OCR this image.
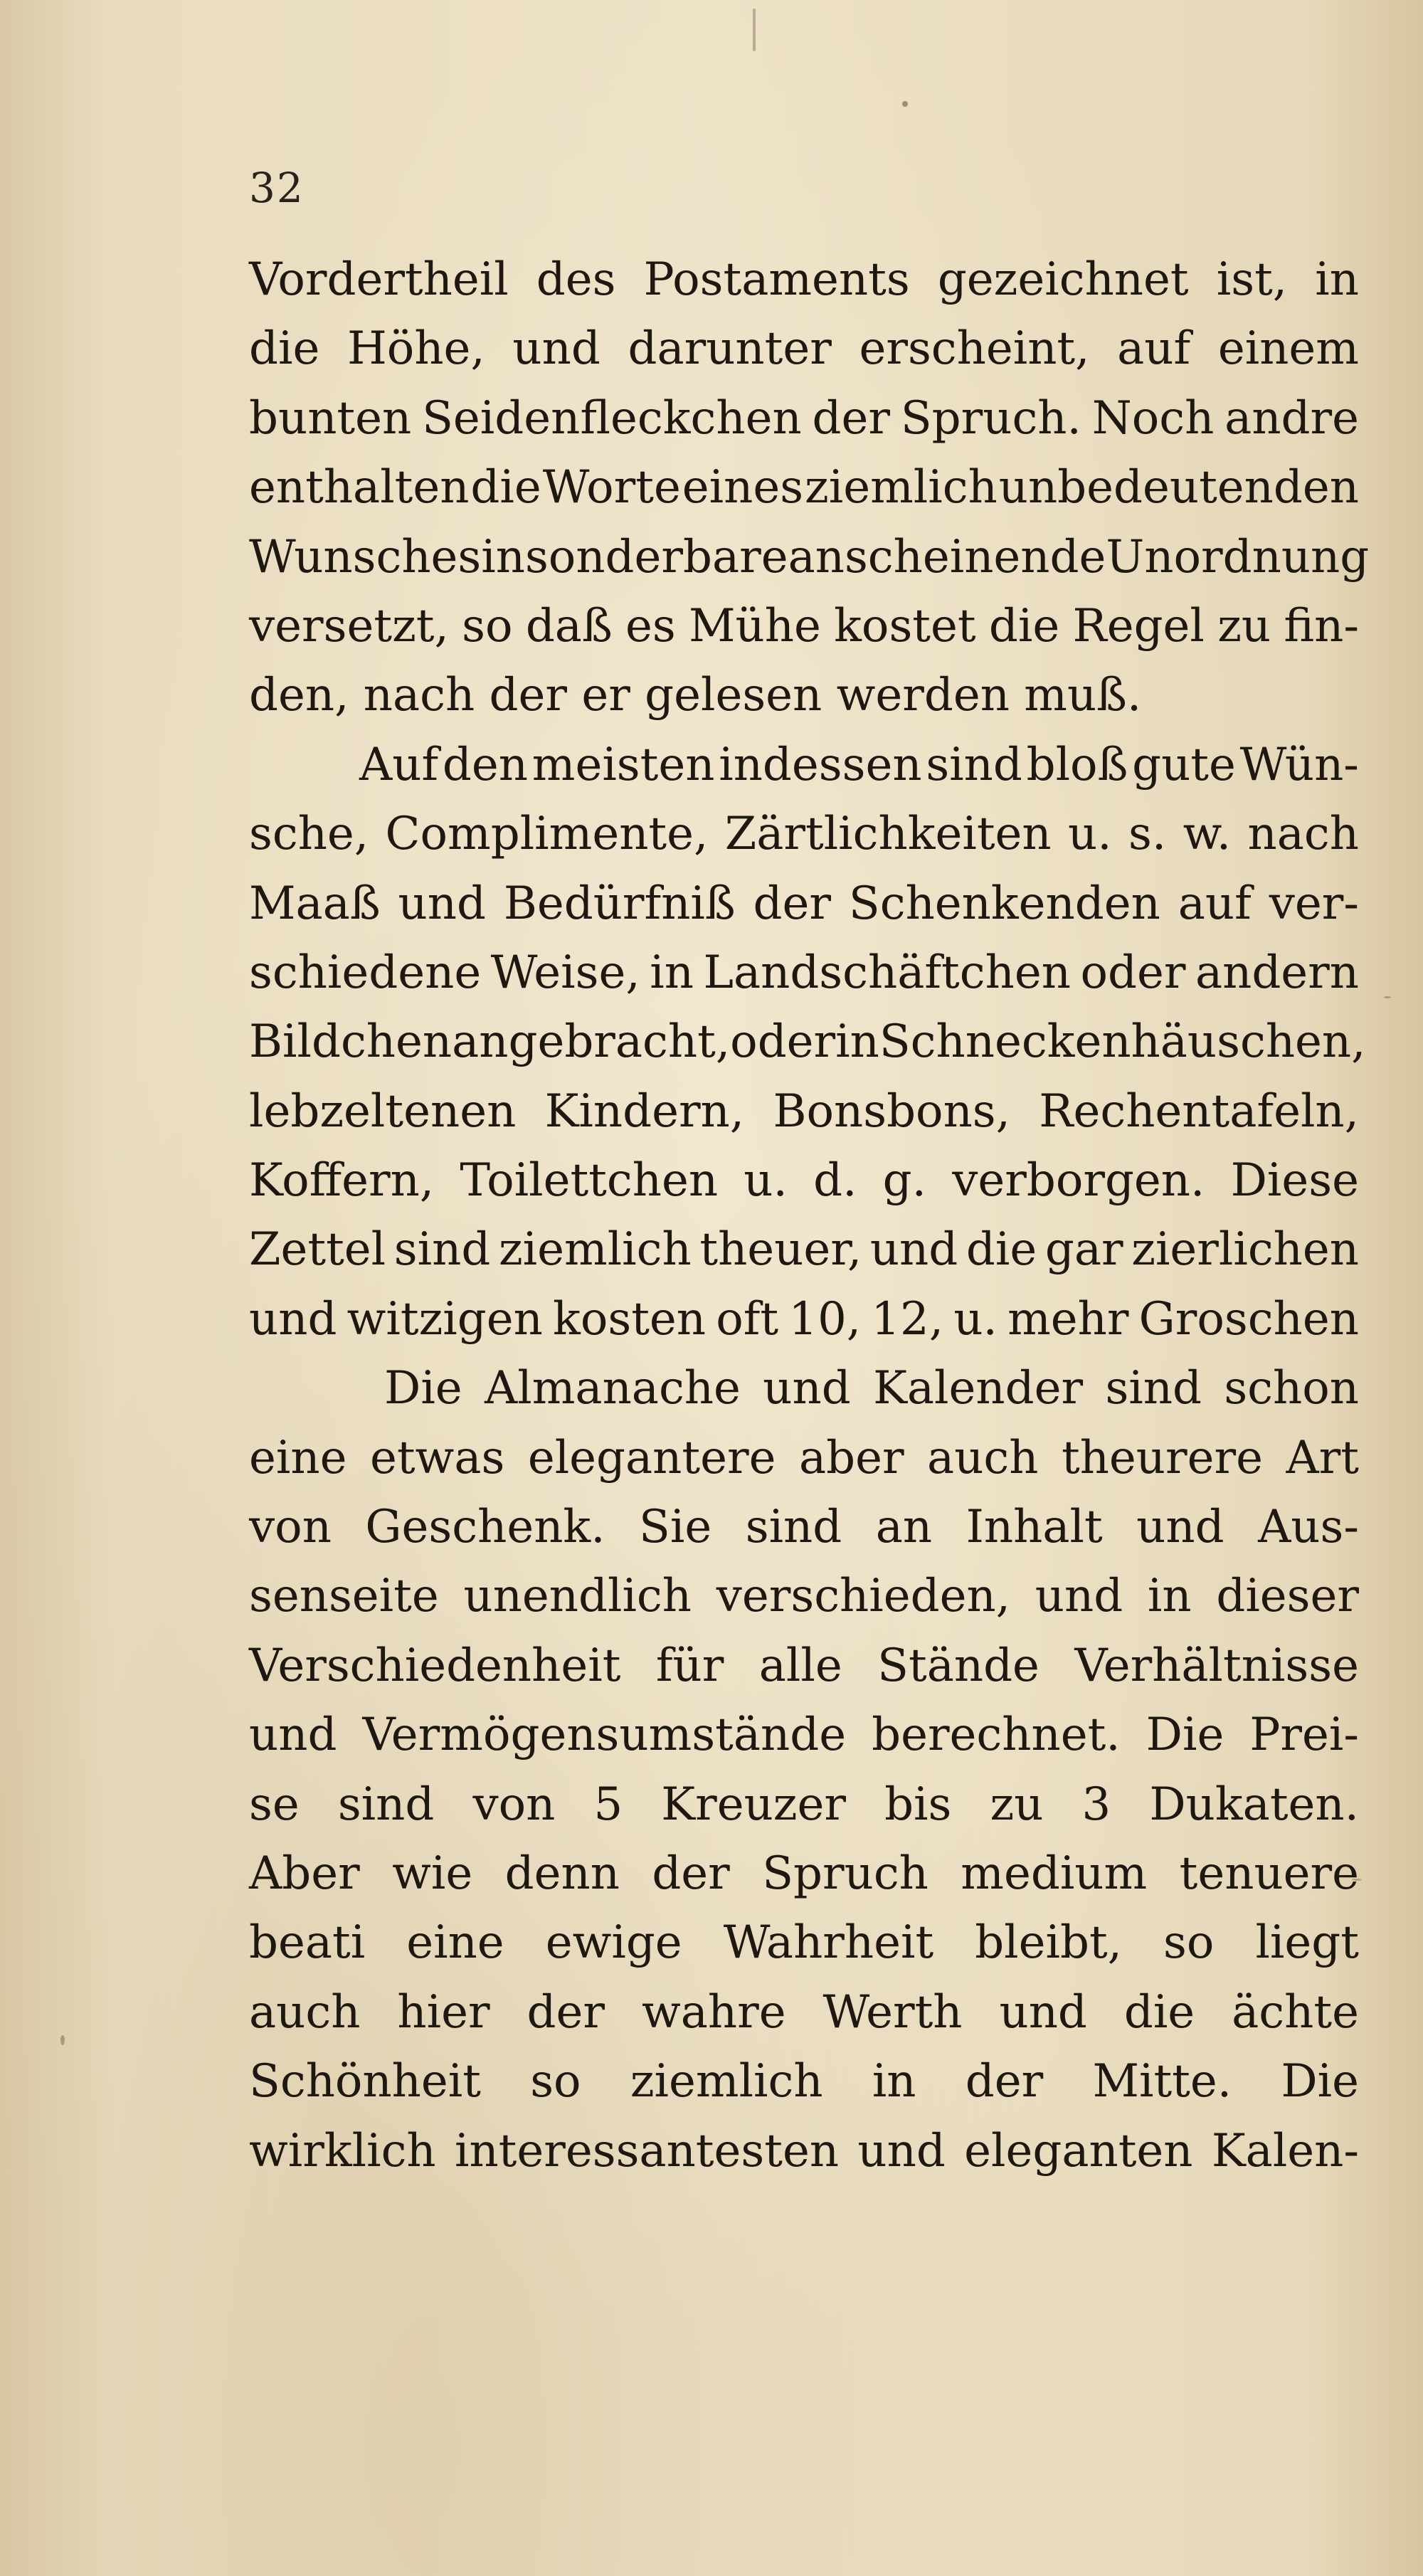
32
Vordertheil des Postaments gezeichnet ist, in
die Höhe, und darunter erscheint, auf einem
bunten Seidenfleckchen der Spruch. Noch andre
enthalten die Worte eines ziemlich unbedeutenden
Wunsches in sonderbare anscheinende Unordnung
versetzt, so daß es Mühe kostet die Regel zu fin-
den,
nach
der
er
gelesen
werden
muß.
Auf den meisten indessen sind bloß gute Wün-
sche, Complimente, Zärtlichkeiten u. s. w. nach
Maaß und Bedürfniß der Schenkenden auf ver-
schiedene Weise, in Landschäftchen oder andern
Bildchen angebracht, oder in Schneckenhäuschen,
lebzeltenen Kindern, Bonsbons, Rechentafeln,
Koffern, Toilettchen u. d. g. verborgen. Diese
Zettel sind ziemlich theuer, und die gar zierlichen
und witzigen kosten oft 10, 12, u. mehr Groschen
Die Almanache und Kalender sind schon
eine etwas elegantere aber auch theurere Art
von Geschenk. Sie sind an Inhalt und Aus-
senseite unendlich verschieden, und in dieser
Verschiedenheit für alle Stände Verhältnisse
und Vermögensumstände berechnet. Die Prei-
se sind von 5 Kreuzer bis zu 3 Dukaten.
Aber wie denn der Spruch medium tenuere
beati eine ewige Wahrheit bleibt, so liegt
auch hier der wahre Werth und die ächte
Schönheit so ziemlich in der Mitte. Die
wirklich interessantesten und eleganten Kalen-
